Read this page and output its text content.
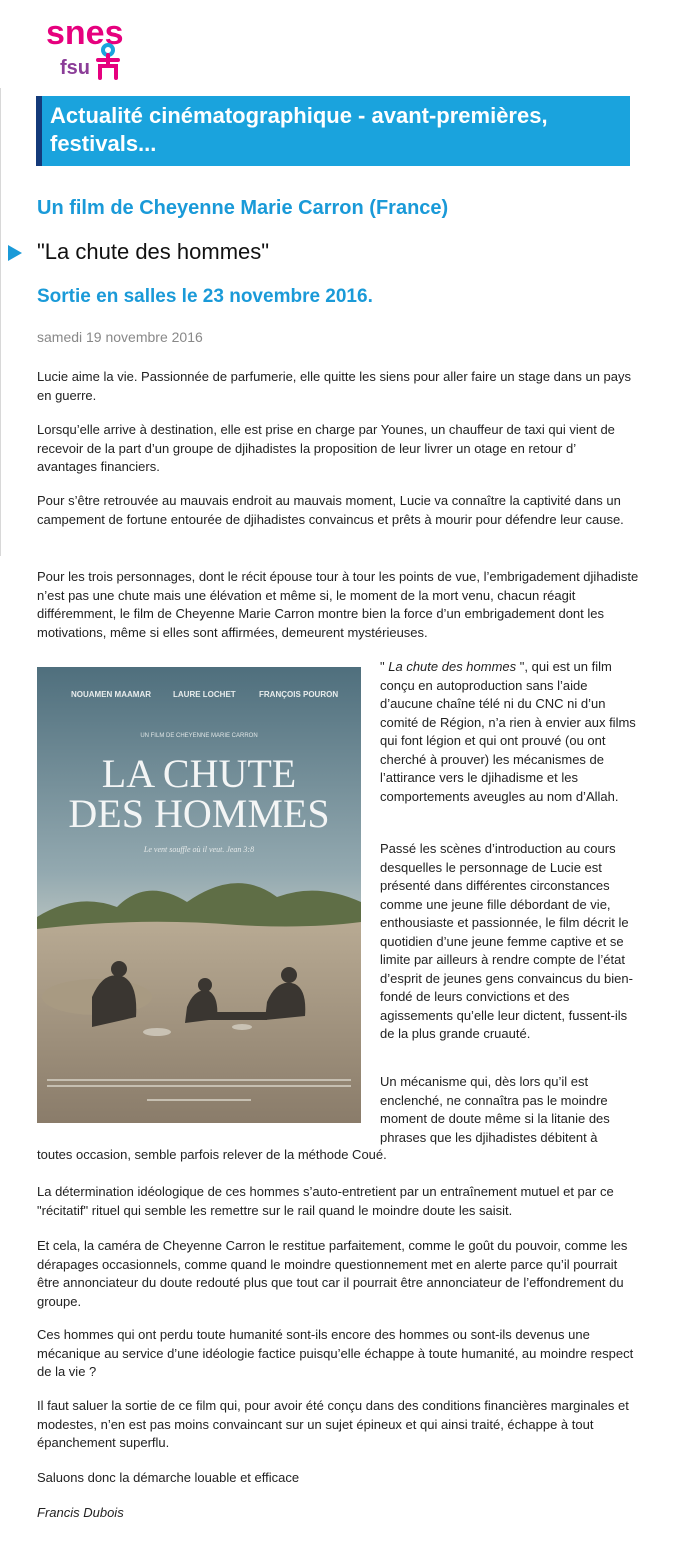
snes
fsu
Actualité cinématographique - avant-premières, festivals...
Un film de Cheyenne Marie Carron (France)
"La chute des hommes"
Sortie en salles le 23 novembre 2016.
samedi 19 novembre 2016

Lucie aime la vie. Passionnée de parfumerie, elle quitte les siens pour aller faire un stage dans un pays en guerre.

Lorsqu’elle arrive à destination, elle est prise en charge par Younes, un chauffeur de taxi qui vient de recevoir de la part d’un groupe de djihadistes la proposition de leur livrer un otage en retour d’ avantages financiers.

Pour s’être retrouvée au mauvais endroit au mauvais moment, Lucie va connaître la captivité dans un campement de fortune entourée de djihadistes convaincus et prêts à mourir pour défendre leur cause.

Pour les trois personnages, dont le récit épouse tour à tour les points de vue, l’embrigadement djihadiste n’est pas une chute mais une élévation et même si, le moment de la mort venu, chacun réagit différemment, le film de Cheyenne Marie Carron montre bien la force d’un embrigadement dont les motivations, même si elles sont affirmées, demeurent mystérieuses.

NOUAMEN MAAMAR	LAURE LOCHET	FRANÇOIS POURON
UN FILM DE CHEYENNE MARIE CARRON
LA CHUTE
DES HOMMES
Le vent souffle où il veut. Jean 3:8

" La chute des hommes ", qui est un film conçu en autoproduction sans l’aide d’aucune chaîne télé ni du CNC ni d’un comité de Région, n’a rien à envier aux films qui font légion et qui ont prouvé (ou ont cherché à prouver) les mécanismes de l’attirance vers le djihadisme et les comportements aveugles au nom d’Allah.

Passé les scènes d’introduction au cours desquelles le personnage de Lucie est présenté dans différentes circonstances comme une jeune fille débordant de vie, enthousiaste et passionnée, le film décrit le quotidien d’une jeune femme captive et se limite par ailleurs à rendre compte de l’état d’esprit de jeunes gens convaincus du bien-fondé de leurs convictions et des agissements qu’elle leur dictent, fussent-ils de la plus grande cruauté.

Un mécanisme qui, dès lors qu’il est enclenché, ne connaîtra pas le moindre moment de doute même si la litanie des phrases que les djihadistes débitent à

toutes occasion, semble parfois relever de la méthode Coué.

La détermination idéologique de ces hommes s’auto-entretient par un entraînement mutuel et par ce "récitatif" rituel qui semble les remettre sur le rail quand le moindre doute les saisit.

Et cela, la caméra de Cheyenne Carron le restitue parfaitement, comme le goût du pouvoir, comme les dérapages occasionnels, comme quand le moindre questionnement met en alerte parce qu’il pourrait être annonciateur du doute redouté plus que tout car il pourrait être annonciateur de l’effondrement du groupe.

Ces hommes qui ont perdu toute humanité sont-ils encore des hommes ou sont-ils devenus une mécanique au service d’une idéologie factice puisqu’elle échappe à toute humanité, au moindre respect de la vie ?

Il faut saluer la sortie de ce film qui, pour avoir été conçu dans des conditions financières marginales et modestes, n’en est pas moins convaincant sur un sujet épineux et qui ainsi traité, échappe à tout épanchement superflu.

Saluons donc la démarche louable et efficace

Francis Dubois
